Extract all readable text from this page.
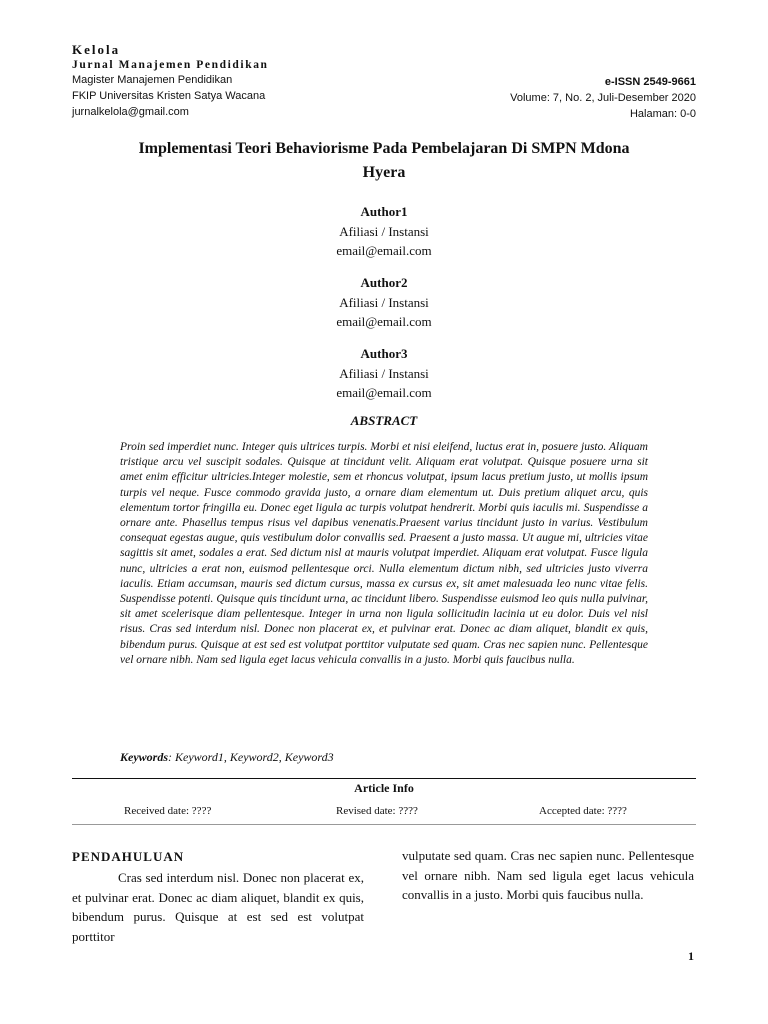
Kelola
Jurnal Manajemen Pendidikan
Magister Manajemen Pendidikan
FKIP Universitas Kristen Satya Wacana
jurnalkelola@gmail.com
e-ISSN 2549-9661
Volume: 7, No. 2, Juli-Desember 2020
Halaman: 0-0
Implementasi Teori Behaviorisme Pada Pembelajaran Di SMPN Mdona Hyera
Author1
Afiliasi / Instansi
email@email.com
Author2
Afiliasi / Instansi
email@email.com
Author3
Afiliasi / Instansi
email@email.com
ABSTRACT
Proin sed imperdiet nunc. Integer quis ultrices turpis. Morbi et nisi eleifend, luctus erat in, posuere justo. Aliquam tristique arcu vel suscipit sodales. Quisque at tincidunt velit. Aliquam erat volutpat. Quisque posuere urna sit amet enim efficitur ultricies.Integer molestie, sem et rhoncus volutpat, ipsum lacus pretium justo, ut mollis ipsum turpis vel neque. Fusce commodo gravida justo, a ornare diam elementum ut. Duis pretium aliquet arcu, quis elementum tortor fringilla eu. Donec eget ligula ac turpis volutpat hendrerit. Morbi quis iaculis mi. Suspendisse a ornare ante. Phasellus tempus risus vel dapibus venenatis.Praesent varius tincidunt justo in varius. Vestibulum consequat egestas augue, quis vestibulum dolor convallis sed. Praesent a justo massa. Ut augue mi, ultricies vitae sagittis sit amet, sodales a erat. Sed dictum nisl at mauris volutpat imperdiet. Aliquam erat volutpat. Fusce ligula nunc, ultricies a erat non, euismod pellentesque orci. Nulla elementum dictum nibh, sed ultricies justo viverra iaculis. Etiam accumsan, mauris sed dictum cursus, massa ex cursus ex, sit amet malesuada leo nunc vitae felis. Suspendisse potenti. Quisque quis tincidunt urna, ac tincidunt libero. Suspendisse euismod leo quis nulla pulvinar, sit amet scelerisque diam pellentesque. Integer in urna non ligula sollicitudin lacinia ut eu dolor. Duis vel nisl risus. Cras sed interdum nisl. Donec non placerat ex, et pulvinar erat. Donec ac diam aliquet, blandit ex quis, bibendum purus. Quisque at est sed est volutpat porttitor vulputate sed quam. Cras nec sapien nunc. Pellentesque vel ornare nibh. Nam sed ligula eget lacus vehicula convallis in a justo. Morbi quis faucibus nulla.
Keywords: Keyword1, Keyword2, Keyword3
Article Info
Received date: ????	Revised date: ????	Accepted date: ????
PENDAHULUAN
Cras sed interdum nisl. Donec non placerat ex, et pulvinar erat. Donec ac diam aliquet, blandit ex quis, bibendum purus. Quisque at est sed est volutpat porttitor
vulputate sed quam. Cras nec sapien nunc. Pellentesque vel ornare nibh. Nam sed ligula eget lacus vehicula convallis in a justo. Morbi quis faucibus nulla.
1
